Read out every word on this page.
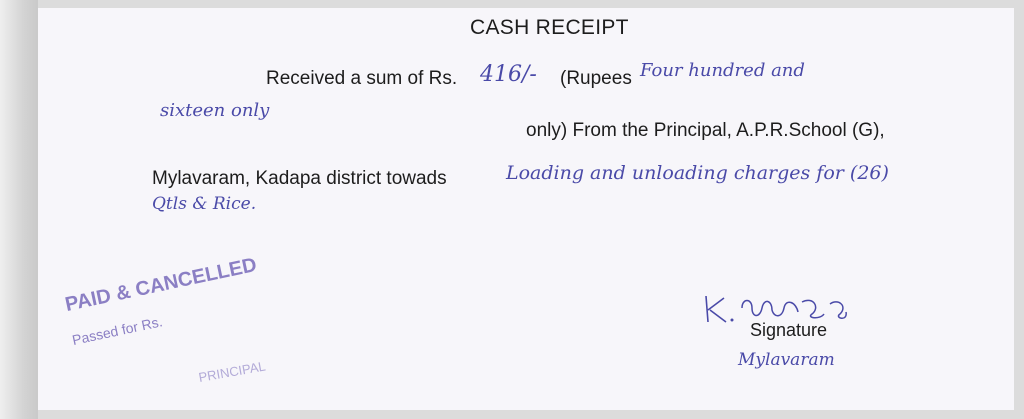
CASH RECEIPT
Received a sum of Rs. 416/- (Rupees Four hundred and
sixteen only
only) From the Principal, A.P.R.School (G),
Mylavaram, Kadapa district towads	Loading and unloading charges for (26)
Qtls & Rice.
PAID & CANCELLED
Passed for Rs.
PRINCIPAL
Signature
Mylavaram
